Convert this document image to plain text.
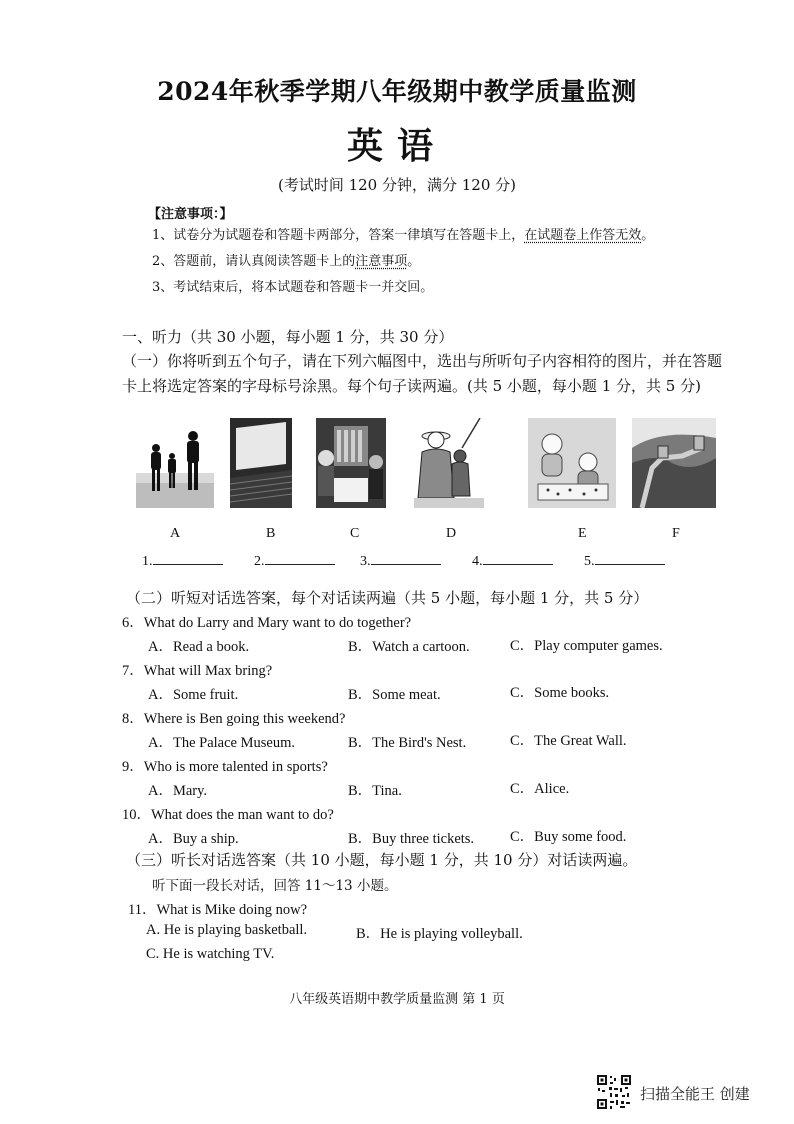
2024年秋季学期八年级期中教学质量监测
英语
(考试时间 120 分钟，满分 120 分)
【注意事项：】
1、试卷分为试题卷和答题卡两部分，答案一律填写在答题卡上，在试题卷上作答无效。
2、答题前，请认真阅读答题卡上的注意事项。
3、考试结束后，将本试题卷和答题卡一并交回。
一、听力（共 30 小题，每小题 1 分，共 30 分）
（一）你将听到五个句子，请在下列六幅图中，选出与所听句子内容相符的图片，并在答题
卡上将选定答案的字母标号涂黑。每个句子读两遍。(共 5 小题，每小题 1 分，共 5 分)
A	B	C	D	E	F
1.	2.	3.	4.	5.
（二）听短对话选答案，每个对话读两遍（共 5 小题，每小题 1 分，共 5 分）
6．What do Larry and Mary want to do together?
A．Read a book.	B．Watch a cartoon.	C．Play computer games.
7．What will Max bring?
A．Some fruit.	B．Some meat.	C．Some books.
8．Where is Ben going this weekend?
A．The Palace Museum.	B．The Bird's Nest.	C．The Great Wall.
9．Who is more talented in sports?
A．Mary.	B．Tina.	C．Alice.
10．What does the man want to do?
A．Buy a ship.	B．Buy three tickets. C．Buy some food.
（三）听长对话选答案（共 10 小题，每小题 1 分，共 10 分）对话读两遍。
听下面一段长对话，回答 11～13 小题。
11．What is Mike doing now?
A. He is playing basketball.	B．He is playing volleyball.
C. He is watching TV.
八年级英语期中教学质量监测 第 1 页
扫描全能王 创建
